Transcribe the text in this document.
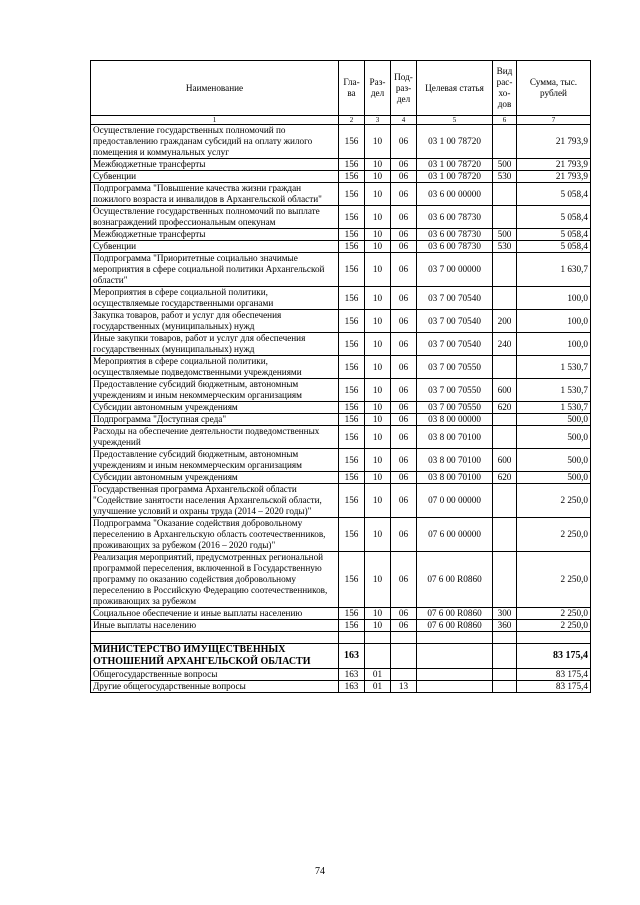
Наименование	Гла-ва	Раз-дел	Под-раз-дел	Целевая статья	Вид рас-хо-дов	Сумма, тыс. рублей
1	2	3	4	5	6	7
Осуществление государственных полномочий по предоставлению гражданам субсидий на оплату жилого помещения и коммунальных услуг	156	10	06	03 1 00 78720		21 793,9
Межбюджетные трансферты	156	10	06	03 1 00 78720	500	21 793,9
Субвенции	156	10	06	03 1 00 78720	530	21 793,9
Подпрограмма "Повышение качества жизни граждан пожилого возраста и инвалидов в Архангельской области"	156	10	06	03 6 00 00000		5 058,4
Осуществление государственных полномочий по выплате вознаграждений профессиональным опекунам	156	10	06	03 6 00 78730		5 058,4
Межбюджетные трансферты	156	10	06	03 6 00 78730	500	5 058,4
Субвенции	156	10	06	03 6 00 78730	530	5 058,4
Подпрограмма "Приоритетные социально значимые мероприятия в сфере социальной политики Архангельской области"	156	10	06	03 7 00 00000		1 630,7
Мероприятия в сфере социальной политики, осуществляемые государственными органами	156	10	06	03 7 00 70540		100,0
Закупка товаров, работ и услуг для обеспечения государственных (муниципальных) нужд	156	10	06	03 7 00 70540	200	100,0
Иные закупки товаров, работ и услуг для обеспечения государственных (муниципальных) нужд	156	10	06	03 7 00 70540	240	100,0
Мероприятия в сфере социальной политики, осуществляемые подведомственными учреждениями	156	10	06	03 7 00 70550		1 530,7
Предоставление субсидий бюджетным, автономным учреждениям и иным некоммерческим организациям	156	10	06	03 7 00 70550	600	1 530,7
Субсидии автономным учреждениям	156	10	06	03 7 00 70550	620	1 530,7
Подпрограмма "Доступная среда"	156	10	06	03 8 00 00000		500,0
Расходы на обеспечение деятельности подведомственных учреждений	156	10	06	03 8 00 70100		500,0
Предоставление субсидий бюджетным, автономным учреждениям и иным некоммерческим организациям	156	10	06	03 8 00 70100	600	500,0
Субсидии автономным учреждениям	156	10	06	03 8 00 70100	620	500,0
Государственная программа Архангельской области "Содействие занятости населения Архангельской области, улучшение условий и охраны труда (2014 – 2020 годы)"	156	10	06	07 0 00 00000		2 250,0
Подпрограмма "Оказание содействия добровольному переселению в Архангельскую область соотечественников, проживающих за рубежом (2016 – 2020 годы)"	156	10	06	07 6 00 00000		2 250,0
Реализация мероприятий, предусмотренных региональной программой переселения, включенной в Государственную программу по оказанию содействия добровольному переселению в Российскую Федерацию соотечественников, проживающих за рубежом	156	10	06	07 6 00 R0860		2 250,0
Социальное обеспечение и иные выплаты населению	156	10	06	07 6 00 R0860	300	2 250,0
Иные выплаты населению	156	10	06	07 6 00 R0860	360	2 250,0

МИНИСТЕРСТВО ИМУЩЕСТВЕННЫХ ОТНОШЕНИЙ АРХАНГЕЛЬСКОЙ ОБЛАСТИ	163					83 175,4
Общегосударственные вопросы	163	01				83 175,4
Другие общегосударственные вопросы	163	01	13			83 175,4
74
